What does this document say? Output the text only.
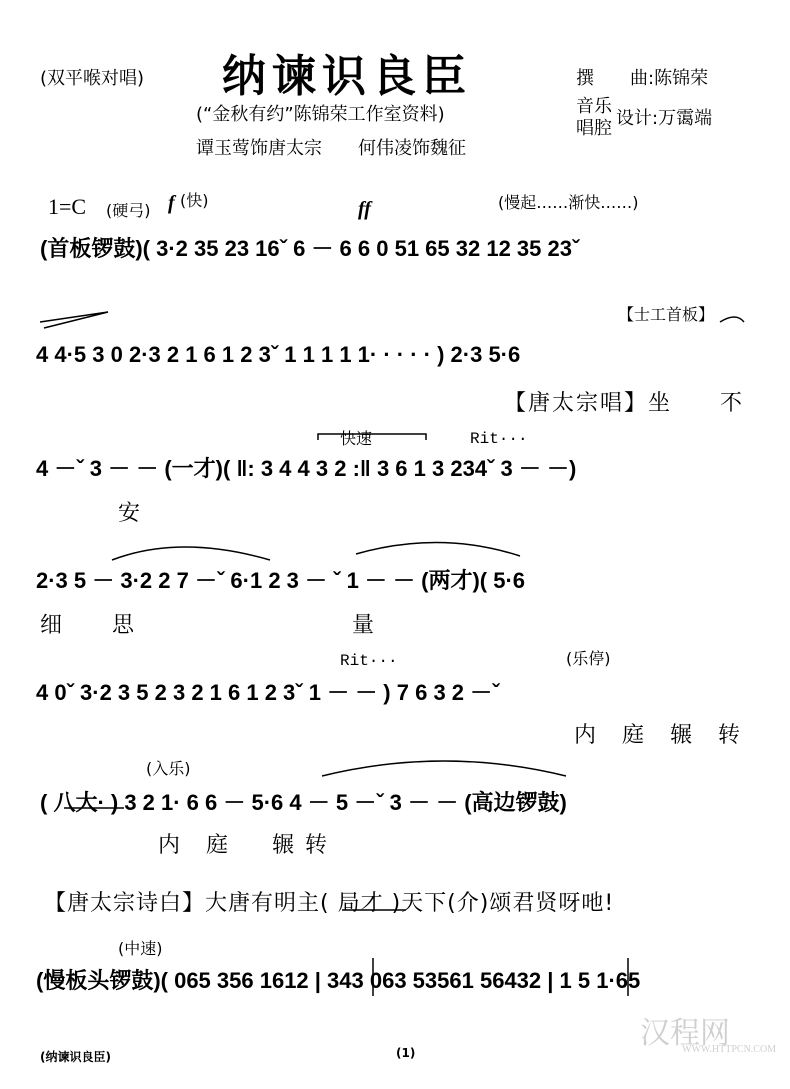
(双平喉对唱) 纳谏识良臣
(“金秋有约”陈锦荣工作室资料)
谭玉莺饰唐太宗　　何伟凌饰魏征
撰　　曲:陈锦荣
音乐
唱腔 设计:万霭端
1=C (硬弓) f (快)	ff	(慢起……渐快……)
(首板锣鼓)( 3·2 35 23 16ˇ 6 － 6 6 0 51 65 32 12 35 23ˇ
【士工首板】
4 4·5 3 0 2·3 2 1 6 1 2 3ˇ 1 1 1 1 1· · · · · ) 2·3 5·6
【唐太宗唱】坐　　不
快速	Rit···
4 －ˇ 3 － － (一才)( ‖: 3 4 4 3 2 :‖ 3 6 1 3 234ˇ 3 － －)
安
2·3 5 － 3·2 2 7 －ˇ 6·1 2 3 － ˇ 1 － － (两才)( 5·6
细　　思	量
Rit···	(乐停)
4 0ˇ 3·2 3 5 2 3 2 1 6 1 2 3ˇ 1 － － ) 7 6 3 2 －ˇ
内　庭　辗　转
(入乐)
( 八大· ) 3 2 1· 6 6 － 5·6 4 － 5 －ˇ 3 － － (高边锣鼓)
内　庭 辗 转
【唐太宗诗白】大唐有明主( 局才 )天下(介)颂君贤呀吔!
(中速)
(慢板头锣鼓)( 065 356 1612 | 343 063 53561 56432 | 1 5 1·65
(纳谏识良臣)	(1)
汉程网
WWW.HTTPCN.COM
